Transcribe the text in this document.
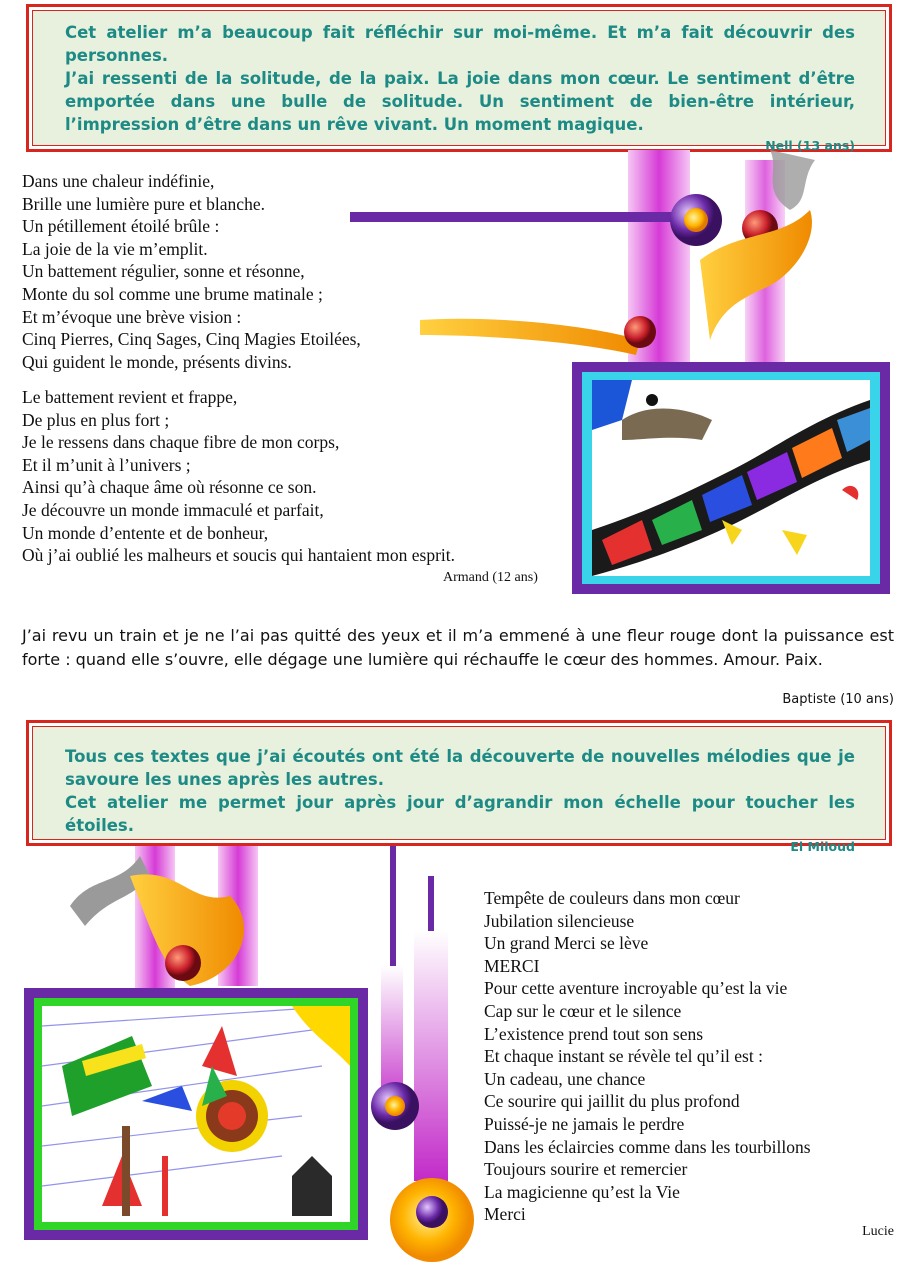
Cet atelier m’a beaucoup fait réfléchir sur moi-même. Et m’a fait découvrir des personnes.

J’ai ressenti de la solitude, de la paix. La joie dans mon cœur. Le sentiment d’être emportée dans une bulle de solitude. Un sentiment de bien-être intérieur, l’impression d’être dans un rêve vivant. Un moment magique.

Nell (13 ans)
Dans une chaleur indéfinie,
Brille une lumière pure et blanche.
Un pétillement étoilé brûle :
La joie de la vie m’emplit.
Un battement régulier, sonne et résonne,
Monte du sol comme une brume matinale ;
Et m’évoque une brève vision :
Cinq Pierres, Cinq Sages, Cinq Magies Etoilées,
Qui guident le monde, présents divins.
Le battement revient et frappe,
De plus en plus fort ;
Je le ressens dans chaque fibre de mon corps,
Et il m’unit à l’univers ;
Ainsi qu’à chaque âme où résonne ce son.
Je découvre un monde immaculé et parfait,
Un monde d’entente et de bonheur,
Où j’ai oublié les malheurs et soucis qui hantaient mon esprit.
Armand (12 ans)
J’ai revu un train et je ne l’ai pas quitté des yeux et il m’a emmené à une fleur rouge dont la puissance est forte : quand elle s’ouvre, elle dégage une lumière qui réchauffe le cœur des hommes. Amour. Paix.
Baptiste (10 ans)

Tous ces textes que j’ai écoutés ont été la découverte de nouvelles mélodies que je savoure les unes après les autres.

Cet atelier me permet jour après jour d’agrandir mon échelle pour toucher les étoiles.

El Miloud
Tempête de couleurs dans mon cœur
Jubilation silencieuse
Un grand Merci se lève
MERCI
Pour cette aventure incroyable qu’est la vie
Cap sur le cœur et le silence
L’existence prend tout son sens
Et chaque instant se révèle tel qu’il est :
Un cadeau, une chance
Ce sourire qui jaillit du plus profond
Puissé-je ne jamais le perdre
Dans les éclaircies comme dans les tourbillons
Toujours sourire et remercier
La magicienne qu’est la Vie
Merci
Lucie
